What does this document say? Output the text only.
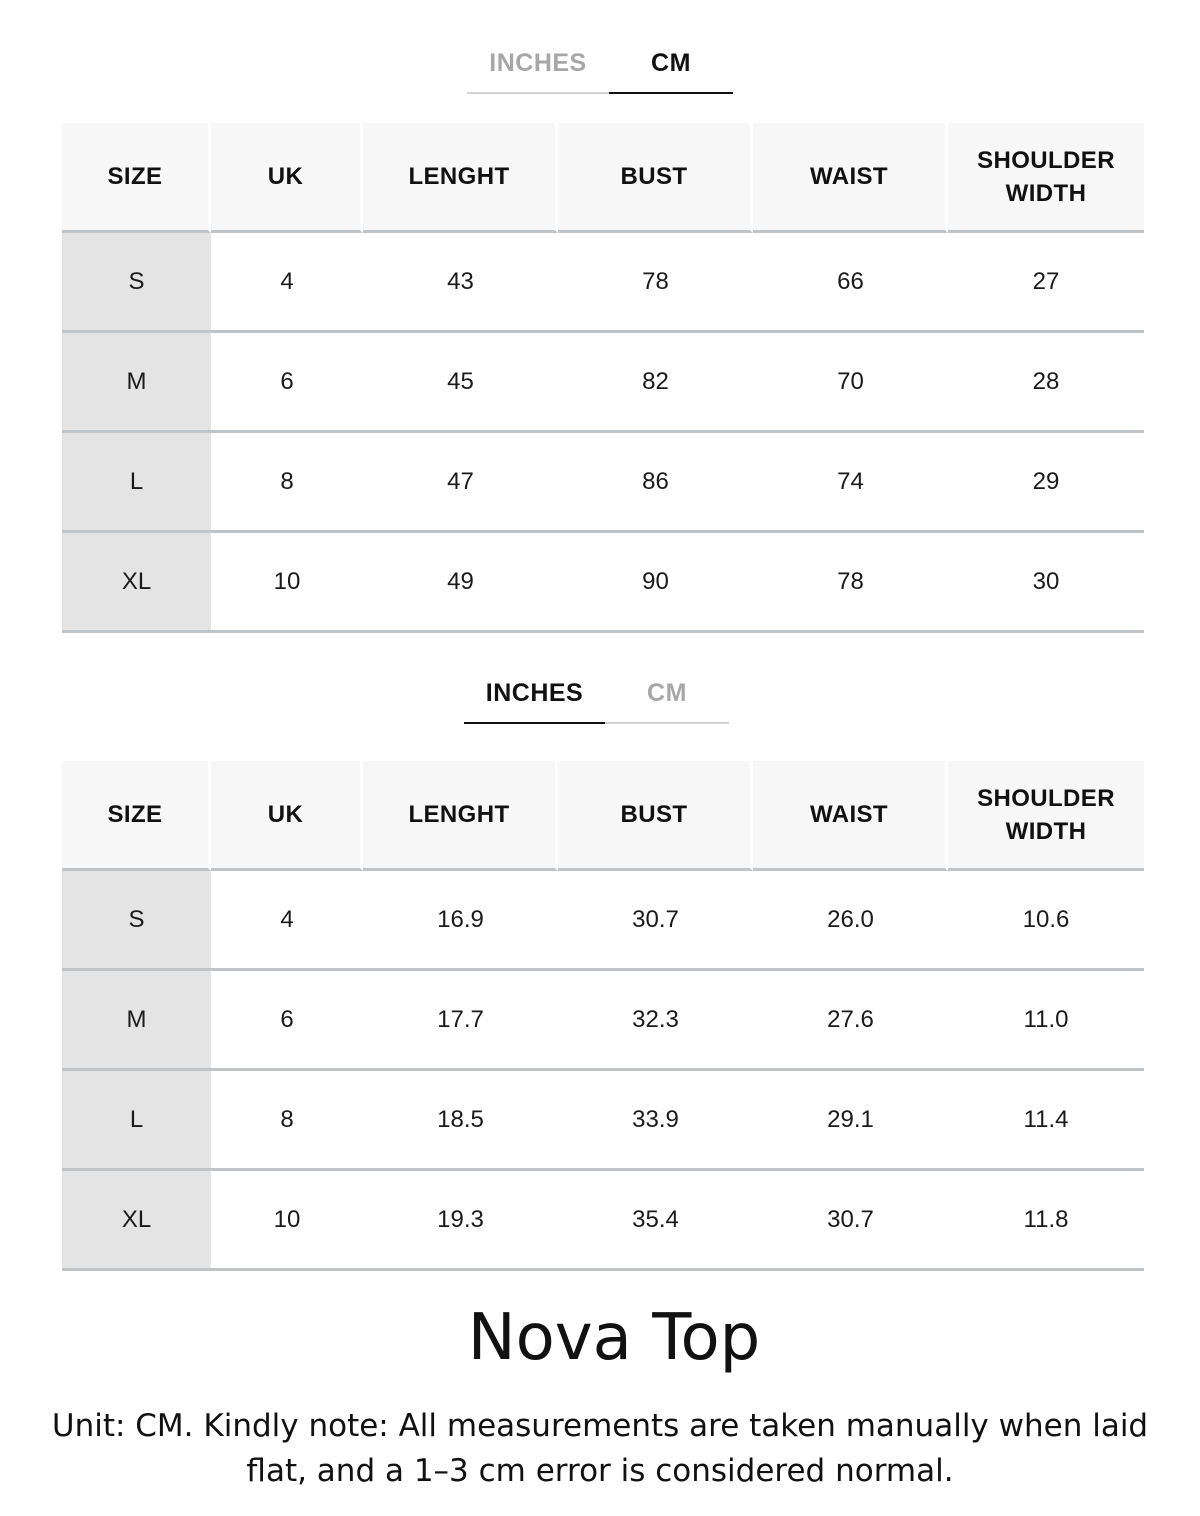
INCHES	CM
SIZE	UK	LENGHT	BUST	WAIST	SHOULDER
WIDTH
S	4	43	78	66	27
M	6	45	82	70	28
L	8	47	86	74	29
XL	10	49	90	78	30
INCHES	CM
SIZE	UK	LENGHT	BUST	WAIST	SHOULDER
WIDTH
S	4	16.9	30.7	26.0	10.6
M	6	17.7	32.3	27.6	11.0
L	8	18.5	33.9	29.1	11.4
XL	10	19.3	35.4	30.7	11.8
Nova Top
Unit: CM. Kindly note: All measurements are taken manually when laid flat, and a 1–3 cm error is considered normal.
